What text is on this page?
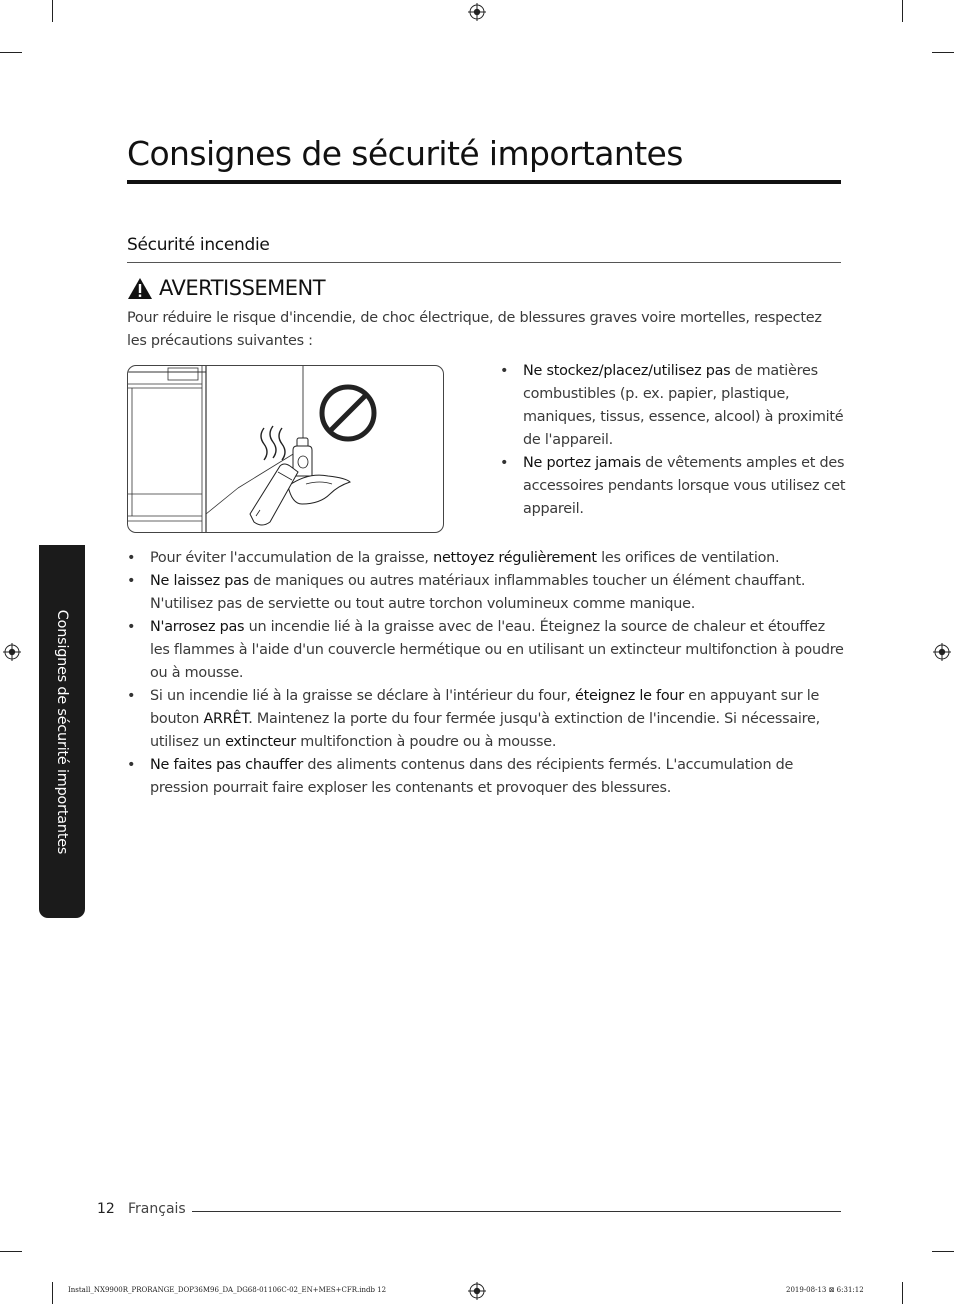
Consignes de sécurité importantes
Sécurité incendie
AVERTISSEMENT
Pour réduire le risque d'incendie, de choc électrique, de blessures graves voire mortelles, respectez les précautions suivantes :
• Ne stockez/placez/utilisez pas de matières combustibles (p. ex. papier, plastique, maniques, tissus, essence, alcool) à proximité de l'appareil.
• Ne portez jamais de vêtements amples et des accessoires pendants lorsque vous utilisez cet appareil.
• Pour éviter l'accumulation de la graisse, nettoyez régulièrement les orifices de ventilation.
• Ne laissez pas de maniques ou autres matériaux inflammables toucher un élément chauffant. N'utilisez pas de serviette ou tout autre torchon volumineux comme manique.
• N'arrosez pas un incendie lié à la graisse avec de l'eau. Éteignez la source de chaleur et étouffez les flammes à l'aide d'un couvercle hermétique ou en utilisant un extincteur multifonction à poudre ou à mousse.
• Si un incendie lié à la graisse se déclare à l'intérieur du four, éteignez le four en appuyant sur le bouton ARRÊT. Maintenez la porte du four fermée jusqu'à extinction de l'incendie. Si nécessaire, utilisez un extincteur multifonction à poudre ou à mousse.
• Ne faites pas chauffer des aliments contenus dans des récipients fermés. L'accumulation de pression pourrait faire exploser les contenants et provoquer des blessures.
Consignes de sécurité importantes
12 Français
Install_NX9900R_PRORANGE_DOP36M96_DA_DG68-01106C-02_EN+MES+CFR.indb 12	2019-08-13 ⊠ 6:31:12
